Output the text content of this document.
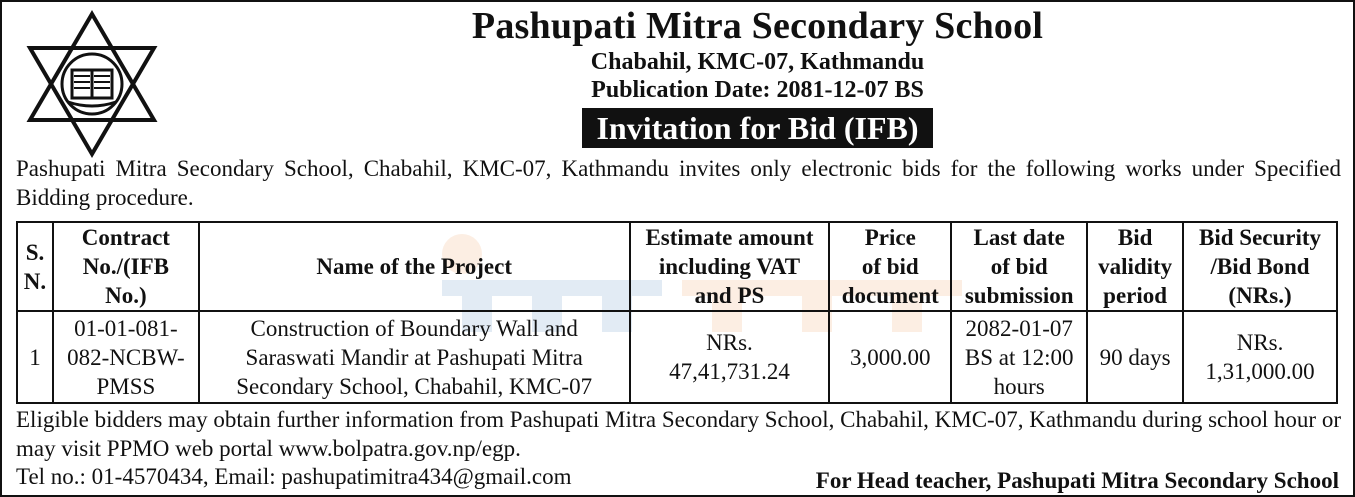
Pashupati Mitra Secondary School
Chabahil, KMC-07, Kathmandu
Publication Date: 2081-12-07 BS
Invitation for Bid (IFB)
Pashupati Mitra Secondary School, Chabahil, KMC-07, Kathmandu invites only electronic bids for the following works under Specified Bidding procedure.
S.
N.	Contract
No./(IFB
No.)	Name of the Project	Estimate amount
including VAT
and PS	Price
of bid
document	Last date
of bid
submission	Bid
validity
period	Bid Security
/Bid Bond
(NRs.)

1	01-01-081-
082-NCBW-
PMSS	Construction of Boundary Wall and
Saraswati Mandir at Pashupati Mitra
Secondary School, Chabahil, KMC-07	NRs.
47,41,731.24	3,000.00	2082-01-07
BS at 12:00
hours	90 days	NRs.
1,31,000.00
Eligible bidders may obtain further information from Pashupati Mitra Secondary School, Chabahil, KMC-07, Kathmandu during school hour or may visit PPMO web portal www.bolpatra.gov.np/egp.
Tel no.: 01-4570434, Email: pashupatimitra434@gmail.com	For Head teacher, Pashupati Mitra Secondary School
